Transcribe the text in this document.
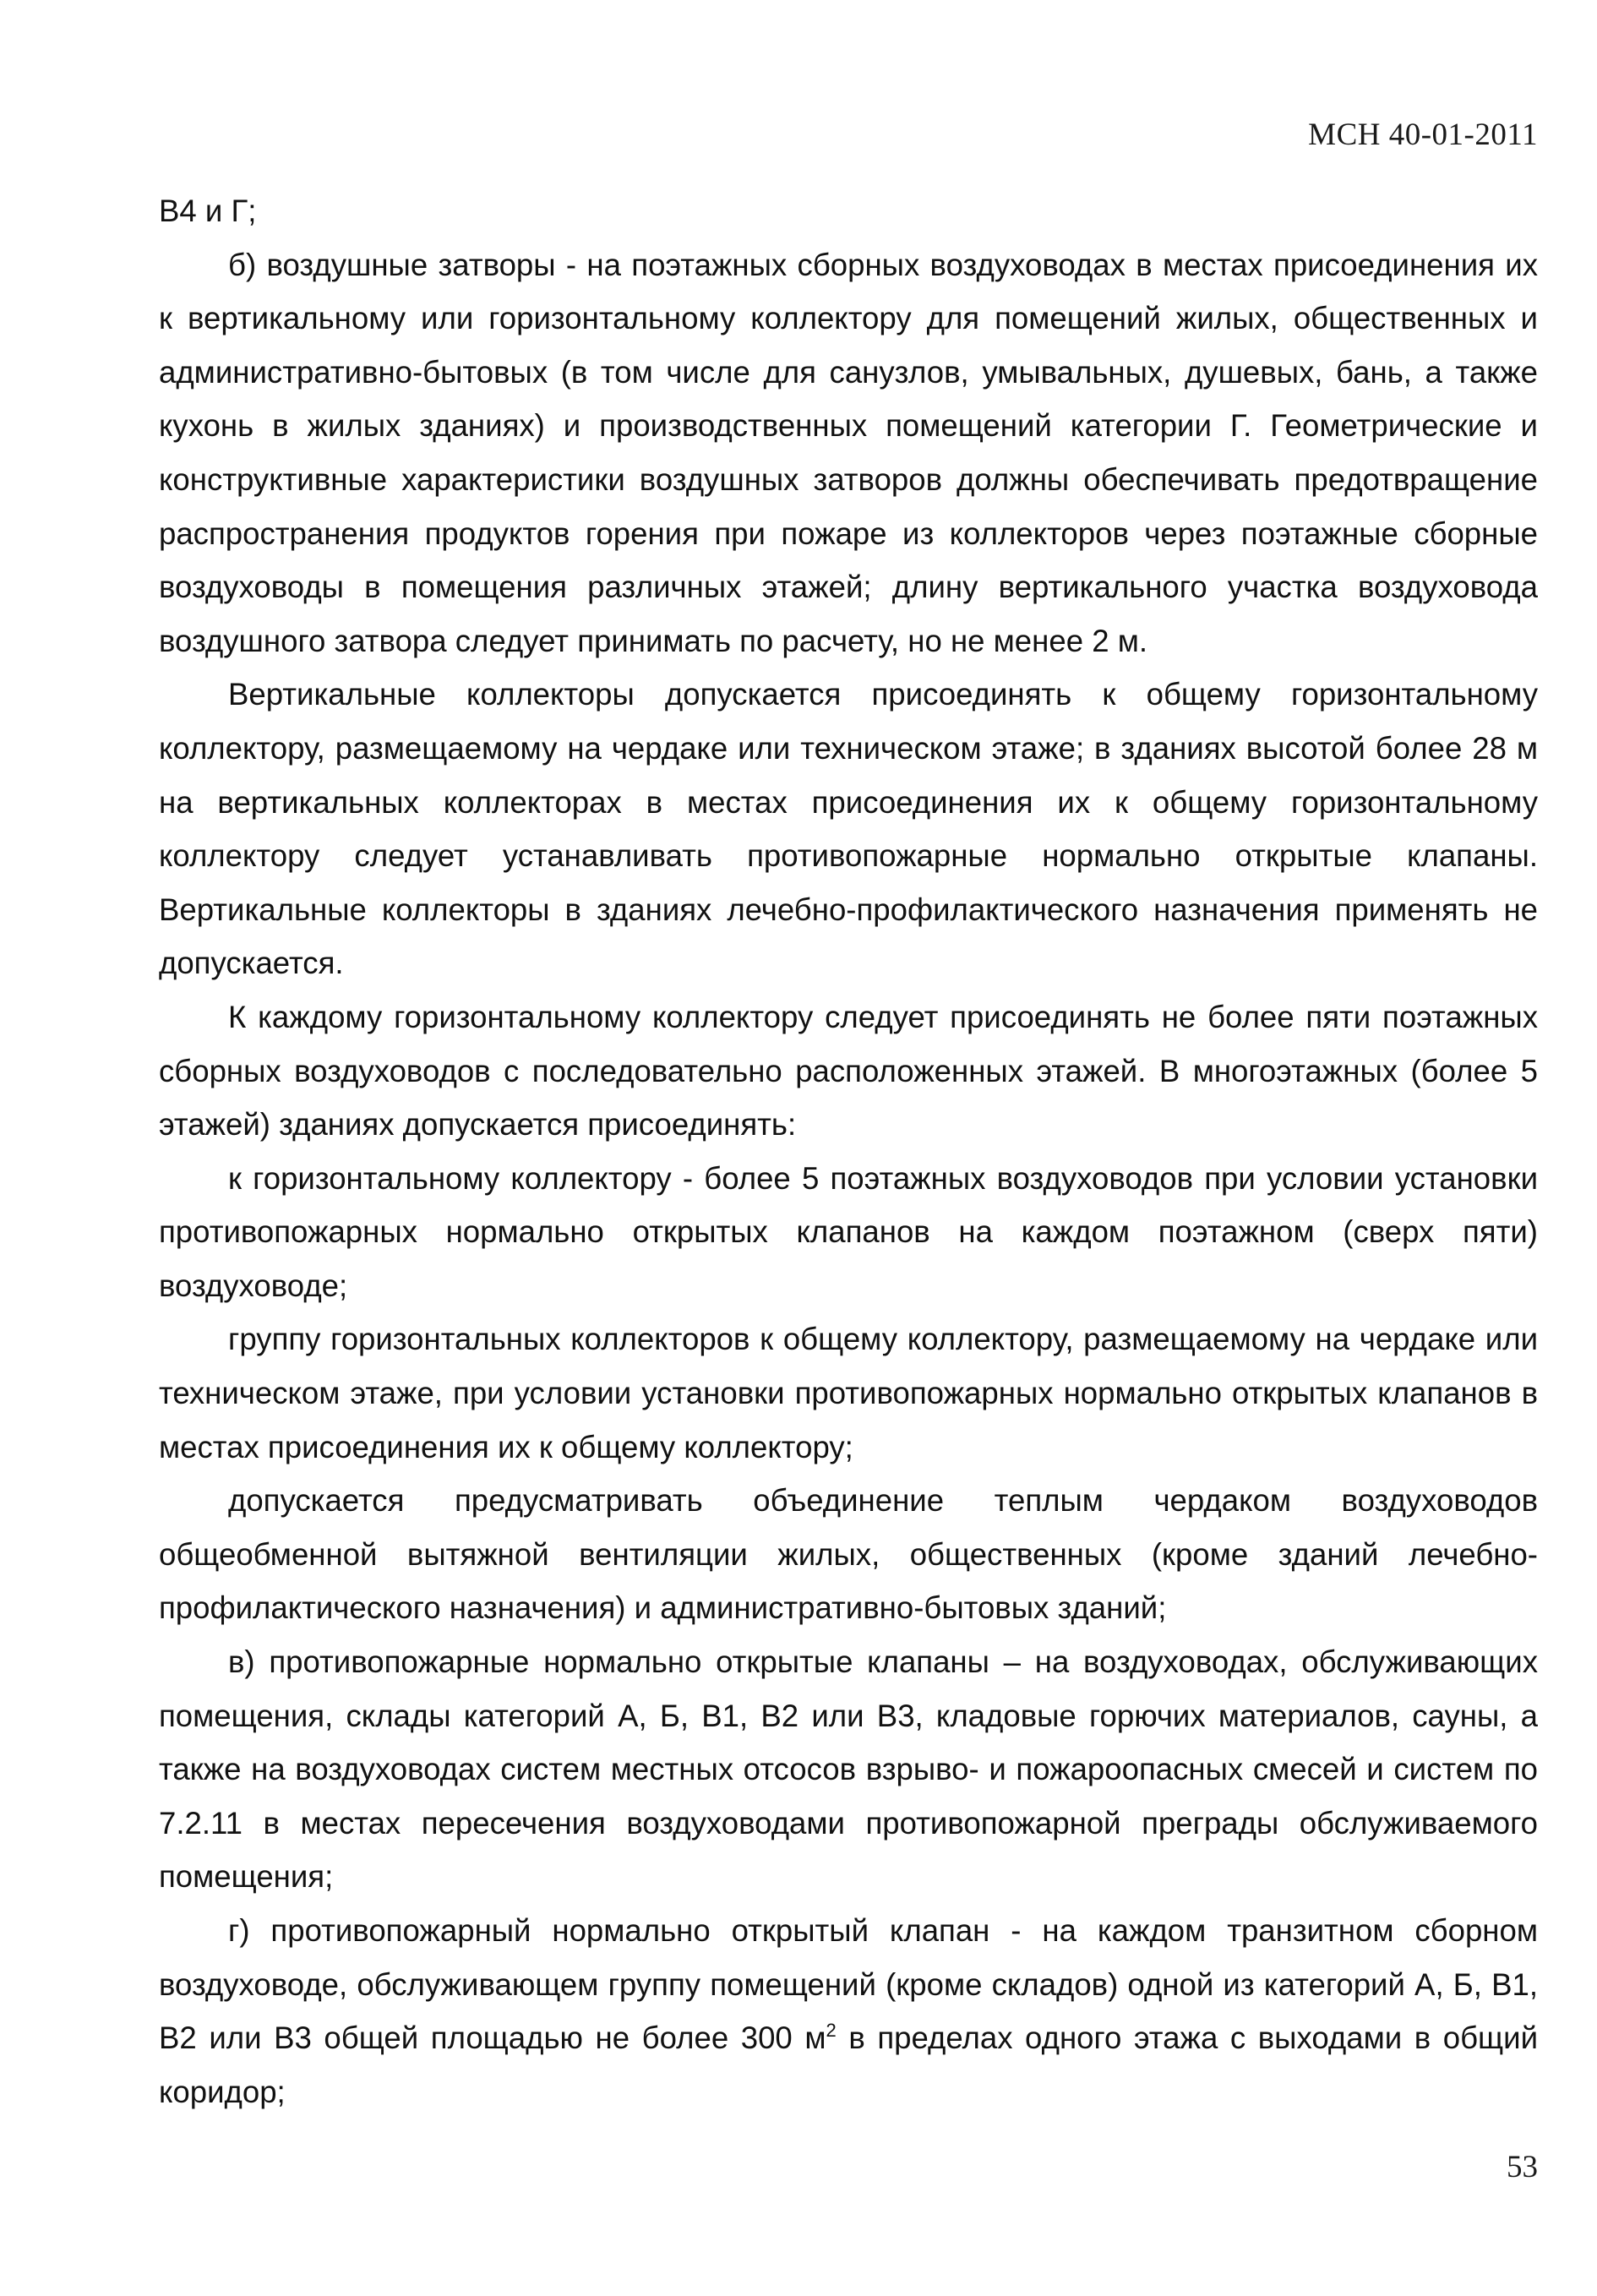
МСН 40-01-2011

В4 и Г;

б) воздушные затворы - на поэтажных сборных воздуховодах в местах присоединения их к вертикальному или горизонтальному коллектору для помещений жилых, общественных и административно-бытовых (в том числе для санузлов, умывальных, душевых, бань, а также кухонь в жилых зданиях) и производственных помещений категории Г. Геометрические и конструктивные характеристики воздушных затворов должны обеспечивать предотвращение распространения продуктов горения при пожаре из коллекторов через поэтажные сборные воздуховоды в помещения различных этажей; длину вертикального участка воздуховода воздушного затвора следует принимать по расчету, но не менее 2 м.

Вертикальные коллекторы допускается присоединять к общему горизонтальному коллектору, размещаемому на чердаке или техническом этаже; в зданиях высотой более 28 м на вертикальных коллекторах в местах присоединения их к общему горизонтальному коллектору следует устанавливать противопожарные нормально открытые клапаны. Вертикальные коллекторы в зданиях лечебно-профилактического назначения применять не допускается.

К каждому горизонтальному коллектору следует присоединять не более пяти поэтажных сборных воздуховодов с последовательно расположенных этажей. В многоэтажных (более 5 этажей) зданиях допускается присоединять:

к горизонтальному коллектору - более 5 поэтажных воздуховодов при условии установки противопожарных нормально открытых клапанов на каждом поэтажном (сверх пяти) воздуховоде;

группу горизонтальных коллекторов к общему коллектору, размещаемому на чердаке или техническом этаже, при условии установки противопожарных нормально открытых клапанов в местах присоединения их к общему коллектору;

допускается предусматривать объединение теплым чердаком воздуховодов общеобменной вытяжной вентиляции жилых, общественных (кроме зданий лечебно-профилактического назначения) и административно-бытовых зданий;

в) противопожарные нормально открытые клапаны – на воздуховодах, обслуживающих помещения, склады категорий А, Б, В1, В2 или В3, кладовые горючих материалов, сауны, а также на воздуховодах систем местных отсосов взрыво- и пожароопасных смесей и систем по 7.2.11 в местах пересечения воздуховодами противопожарной преграды обслуживаемого помещения;

г) противопожарный нормально открытый клапан - на каждом транзитном сборном воздуховоде, обслуживающем группу помещений (кроме складов) одной из категорий А, Б, В1, В2 или В3 общей площадью не более 300 $м^2$ в пределах одного этажа с выходами в общий коридор;

53
